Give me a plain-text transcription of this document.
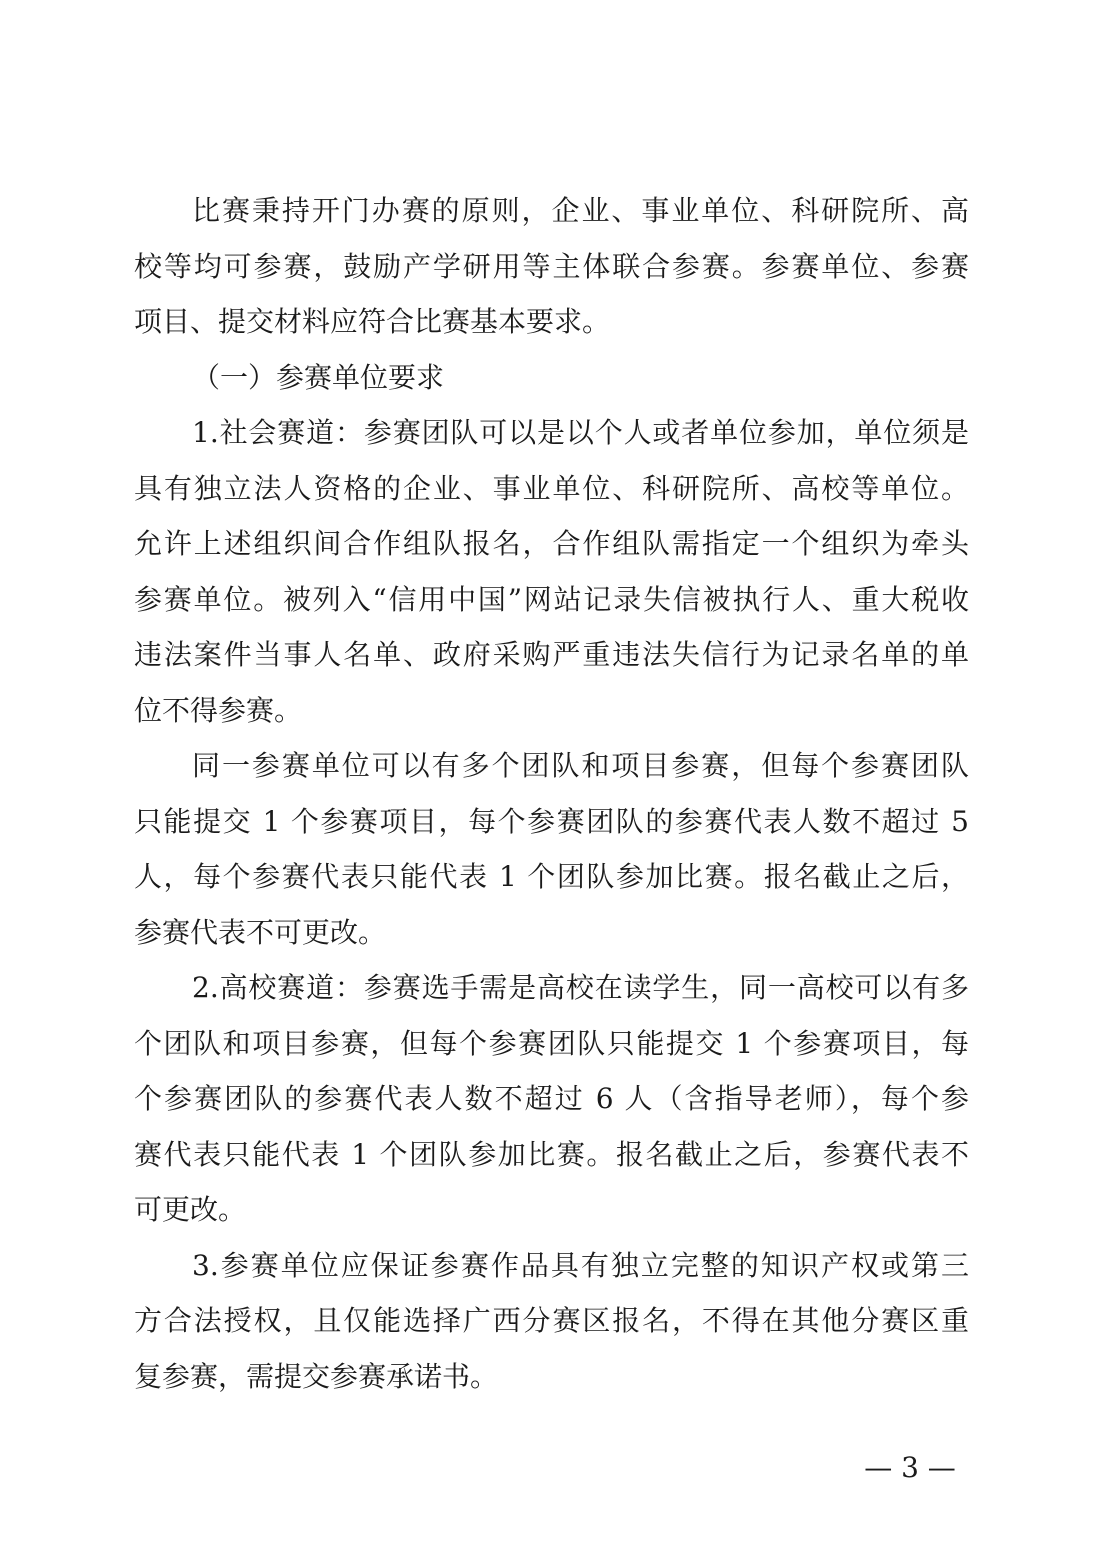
比赛秉持开门办赛的原则，企业、事业单位、科研院所、高
校等均可参赛，鼓励产学研用等主体联合参赛。参赛单位、参赛
项目、提交材料应符合比赛基本要求。
（一）参赛单位要求
1.社会赛道：参赛团队可以是以个人或者单位参加，单位须是
具有独立法人资格的企业、事业单位、科研院所、高校等单位。
允许上述组织间合作组队报名，合作组队需指定一个组织为牵头
参赛单位。被列入“信用中国”网站记录失信被执行人、重大税收
违法案件当事人名单、政府采购严重违法失信行为记录名单的单
位不得参赛。
同一参赛单位可以有多个团队和项目参赛，但每个参赛团队
只能提交 1 个参赛项目，每个参赛团队的参赛代表人数不超过 5
人，每个参赛代表只能代表 1 个团队参加比赛。报名截止之后，
参赛代表不可更改。
2.高校赛道：参赛选手需是高校在读学生，同一高校可以有多
个团队和项目参赛，但每个参赛团队只能提交 1 个参赛项目，每
个参赛团队的参赛代表人数不超过 6 人（含指导老师），每个参
赛代表只能代表 1 个团队参加比赛。报名截止之后，参赛代表不
可更改。
3.参赛单位应保证参赛作品具有独立完整的知识产权或第三
方合法授权，且仅能选择广西分赛区报名，不得在其他分赛区重
复参赛，需提交参赛承诺书。
— 3 —
